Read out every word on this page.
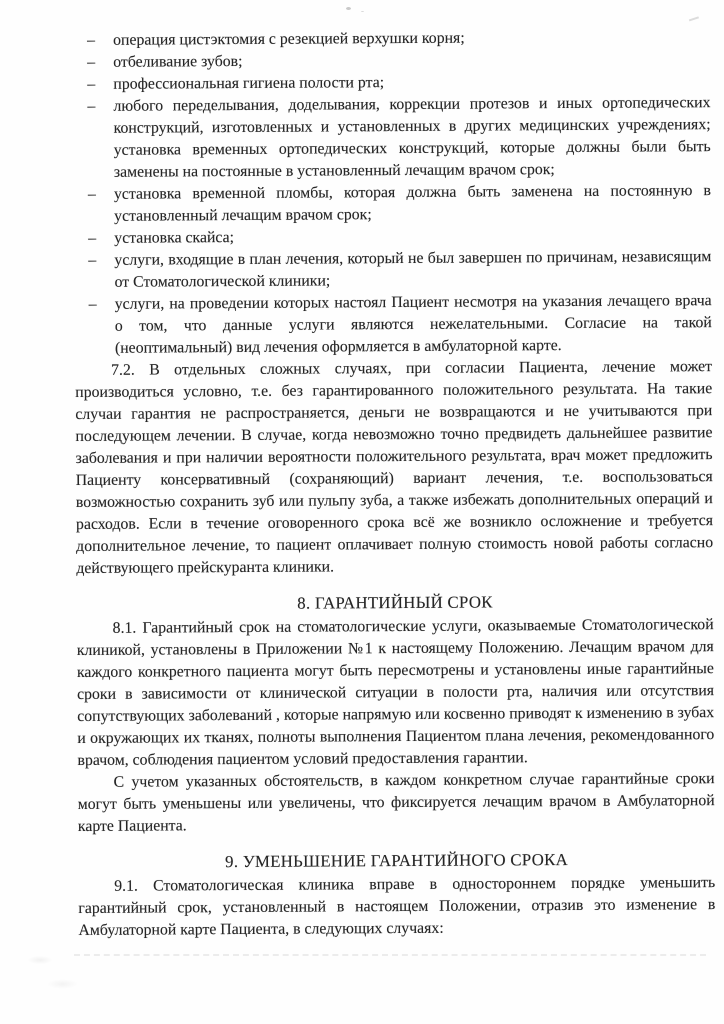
–	операция цистэктомия с резекцией верхушки корня;
–	отбеливание зубов;
–	профессиональная гигиена полости рта;
–	любого переделывания, доделывания, коррекции протезов и иных ортопедических конструкций, изготовленных и установленных в других медицинских учреждениях; установка временных ортопедических конструкций, которые должны были быть заменены на постоянные в установленный лечащим врачом срок;
–	установка временной пломбы, которая должна быть заменена на постоянную в установленный лечащим врачом срок;
–	установка скайса;
–	услуги, входящие в план лечения, который не был завершен по причинам, независящим от Стоматологической клиники;
–	услуги, на проведении которых настоял Пациент несмотря на указания лечащего врача о том, что данные услуги являются нежелательными. Согласие на такой (неоптимальный) вид лечения оформляется в амбулаторной карте.

7.2. В отдельных сложных случаях, при согласии Пациента, лечение может производиться условно, т.е. без гарантированного положительного результата. На такие случаи гарантия не распространяется, деньги не возвращаются и не учитываются при последующем лечении. В случае, когда невозможно точно предвидеть дальнейшее развитие заболевания и при наличии вероятности положительного результата, врач может предложить Пациенту консервативный (сохраняющий) вариант лечения, т.е. воспользоваться возможностью сохранить зуб или пульпу зуба, а также избежать дополнительных операций и расходов. Если в течение оговоренного срока всё же возникло осложнение и требуется дополнительное лечение, то пациент оплачивает полную стоимость новой работы согласно действующего прейскуранта клиники.

8. ГАРАНТИЙНЫЙ СРОК

8.1. Гарантийный срок на стоматологические услуги, оказываемые Стоматологической клиникой, установлены в Приложении №1 к настоящему Положению. Лечащим врачом для каждого конкретного пациента могут быть пересмотрены и установлены иные гарантийные сроки в зависимости от клинической ситуации в полости рта, наличия или отсутствия сопутствующих заболеваний , которые напрямую или косвенно приводят к изменению в зубах и окружающих их тканях, полноты выполнения Пациентом плана лечения, рекомендованного врачом, соблюдения пациентом условий предоставления гарантии.

С учетом указанных обстоятельств, в каждом конкретном случае гарантийные сроки могут быть уменьшены или увеличены, что фиксируется лечащим врачом в Амбулаторной карте Пациента.

9. УМЕНЬШЕНИЕ ГАРАНТИЙНОГО СРОКА

9.1. Стоматологическая клиника вправе в одностороннем порядке уменьшить гарантийный срок, установленный в настоящем Положении, отразив это изменение в Амбулаторной карте Пациента, в следующих случаях:
